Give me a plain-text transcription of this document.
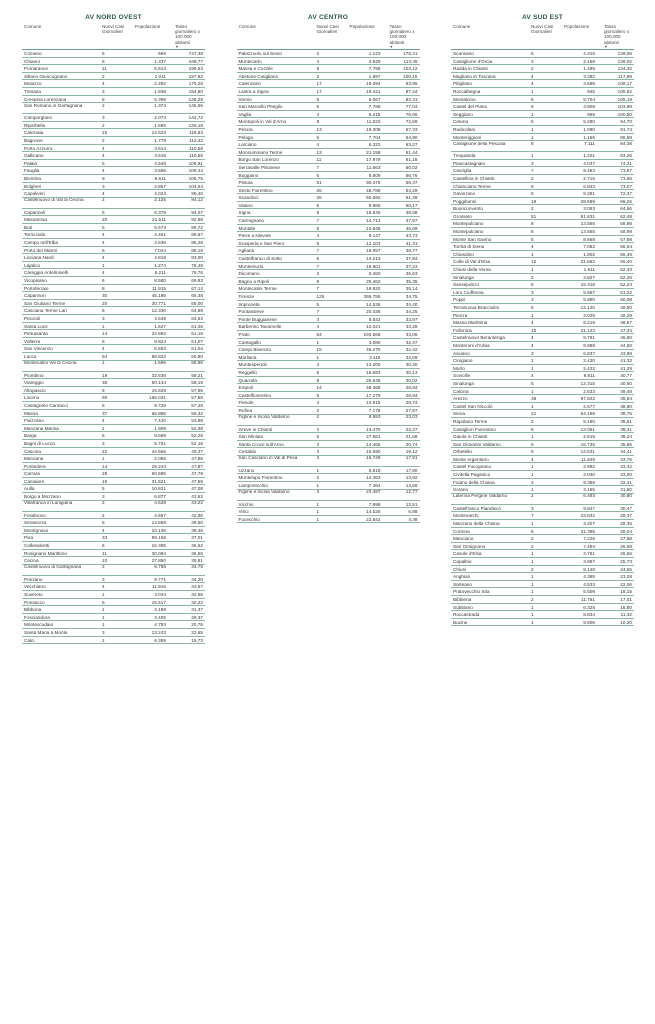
AV NORD OVEST
Comune	Nuovi Casi Giornalieri
Popolazione	Tasso giornaliero x 100.000 abitanti
▼
Comano	5	669	747,38
Chianni	6	1.337	448,77
Pomarance	11	5.513	199,53
Sillano Giuncugnano	2	1.011	197,82
Mulazzo	4	2.282	175,28
Tresana	3	1.938	154,80
Crespina Lorenzana	8	5.395	148,29
San Romano in Garfagnana	2	1.374	145,56
Camporgiano	3	2.073	144,72
Riparbella	2	1.585	126,18
Calcinaia	15	12.623	118,83
Bagnone	2	1.779	112,42
Porto Azzurro	4	3.614	110,68
Gallicano	4	3.615	110,65
Palaia	5	4.549	109,91
Fauglia	4	3.655	109,44
Bientina	9	8.511	105,75
Bolgheri	3	2.867	104,64
Capoliveri	4	4.024	99,40
Castelnuovo di Val di Cecina	2	2.125	94,12
Capannoli	6	6.378	94,07
Massarosa	20	21.511	92,98
Buti	5	5.573	89,72
Terricciola	4	4.461	89,67
Campo nell'Elba	4	4.636	86,28
Porto dei Marmi	6	7.044	85,18
Licciana Nardi	4	4.819	83,00
Lajatico	1	1.274	78,49
Careggia Antelminelli	4	5.211	76,76
Vicopisano	6	8.580	69,93
Portoferraio	8	11.915	67,14
Capannori	30	45.196	66,38
San Giuliano Terme	20	30.771	65,00
Casciana Terme Lari	8	12.330	64,88
Peccioli	3	4.649	64,53
Santa Luce	1	1.627	61,46
Pietrasanta	14	22.892	61,16
Volterra	6	9.824	61,07
San Vincenzo	4	6.553	61,04
Lucca	54	88.822	60,80
Montecatini Val di Cecina	1	1.696	58,96
Piombino	19	32.638	58,21
Viareggio	35	60.144	58,19
Altopascio	9	15.529	57,96
Livorno	90	156.031	57,68
Castagneto Carducci	5	8.729	57,28
Massa	37	66.886	55,32
Fivizzano	4	7.410	53,98
Marciana Marina	1	1.909	52,38
Barga	5	9.569	52,25
Bagni di Lucca	3	5.751	52,16
Cascina	22	44.565	49,37
Marciana	1	2.085	47,96
Pontedera	14	29.243	47,87
Carrara	29	60.685	47,79
Camaiore	15	31.521	47,59
Aulla	5	10.621	47,08
Borgo a Mozzano	3	6.877	43,62
Villafranca in Lunigiana	2	4.628	43,22
Fosdinovo	2	4.657	42,95
Seravezza	5	12.658	39,50
Montignoso	4	10.136	39,46
Pisa	33	89.158	37,01
Collesalvetti	6	16.385	36,62
Rosignano Marittimo	11	30.084	36,56
Cecina	10	27.850	35,91
Castelnuovo di Garfagnana	2	5.756	34,75
Ponzano	3	8.771	34,20
Vecchiano	4	11.916	33,57
Suvereto	1	3.034	32,96
Ponsacco	5	15.517	32,22
Bibbona	1	3.188	31,37
Fosciandora	1	3.405	29,37
Montescudaio	1	4.793	20,76
Santa Maria a Monte	3	13.243	22,65
Calci	1	6.359	15,73
AV CENTRO
Comune	Nuovi Casi Giornalieri
Popolazione	Tasso giornaliero x 100.000 abitanti
▼
Palazzuolo sul Senio	2	1.123	178,41
Montecarlo	4	3.529	113,35
Massa e Cozzile	8	7.758	103,12
Abetone Cutigliano	2	1.997	100,15
Calenzano	17	18.094	93,95
Lastra a Signa	17	19.441	87,44
Vernio	5	6.067	82,41
San Marcello Piteglio	6	7.788	77,04
Vaglia	4	5.218	76,66
Montopoli in Val d'Arno	8	11.022	72,58
Pescia	13	19.308	67,33
Pelago	5	7.704	64,90
Larciano	4	6.322	63,27
Monsummano Terme	13	21.158	61,44
Borgo San Lorenzo	11	17.979	61,18
Serravalle Pistoiese	7	11.663	60,02
Buggiano	5	8.809	56,76
Pistoia	51	90.475	56,37
Sesto Fiorentino	26	48.788	53,29
Scandicci	26	50.592	51,39
Vaiano	5	9.966	50,17
Signa	9	18.526	48,58
Carmignano	7	14.714	47,57
Montale	5	10.848	46,09
Pieve a Nievole	4	9.147	43,73
Scarperia e San Piero	5	12.103	41,31
Agliana	7	18.057	38,77
Castelfranco di Sotto	5	13.213	37,84
Montemurlo	7	18.801	37,23
Dicomano	2	5.460	36,63
Bagno a Ripoli	9	25.462	35,35
Montecatini Terme	7	19.920	35,14
Firenze	125	359.755	34,75
Impruneta	5	14.536	34,40
Pontassieve	7	20.436	34,25
Ponte Buggianese	3	8.832	33,97
Barberino Tavarnelle	4	12.021	33,28
Prato	64	193.568	33,06
Cantagallo	1	3.080	32,47
Campi Bisenzio	15	46.270	32,42
Marliana	1	3.116	32,09
Montespertoli	4	13.200	30,30
Reggello	5	16.593	30,13
Quarrata	8	26.648	30,02
Empoli	14	48.368	28,94
Castelfiorentino	5	17.279	28,94
Fiesole	4	13.918	28,74
Rufina	2	7.178	27,87
Figline e Incisa Valdarno	2	8.683	23,03
Greve in Chianti	3	13.470	22,27
San Miniato	6	27.681	21,68
Santa Croce sull'Arno	3	14.465	20,74
Certaldo	3	15.690	19,12
San Casciano in Val di Pesa	3	16.749	17,91
Uzzano	1	5.618	17,80
Montelupo Fiorentino	2	14.363	13,92
Lamporecchio	1	7.364	13,58
Figline e Incisa Valdarno	3	23.497	12,77
Vicchio	1	7.999	12,51
Vinci	1	14.525	6,88
Fucecchio	1	22.842	4,38
AV SUD EST
Comune	Nuovi Casi Giornalieri
Popolazione	Tasso giornaliero x 100.000 abitanti
▼
Scansano	6	4.315	139,05
Castiglione d'Orcia	3	2.158	139,02
Radda in Chianti	2	1.489	134,32
Magliano in Toscana	4	3.392	117,89
Pitigliano	4	3.698	108,17
Roccalbegna	1	945	105,82
Montalcino	6	5.704	105,19
Castel del Piano	5	4.808	103,99
Seggiano	1	955	100,50
Cetona	5	5.280	94,70
Radicofani	1	1.090	91,74
Monteriggioni	1	1.155	86,58
Castiglione della Pescaia	6	7.111	84,38
Trequanda	1	1.201	83,26
Piancastagnaio	3	4.037	74,31
Cavriglia	7	9.463	73,97
Castellina in Chianti	2	2.715	73,66
Chianciano Terme	5	6.843	73,07
Gavorrano	6	8.291	72,37
Poggibonsi	19	28.689	66,25
Buonconvento	2	3.093	64,66
Grosseto	51	81.631	62,48
Montepulciano	8	13.565	58,98
Montepulciano	8	13.565	58,98
Monte San Savino	5	8.668	57,68
Torrita di Siena	4	7.062	56,64
Chiusdino	1	1.802	55,49
Colle di Val d'Elsa	12	21.662	55,40
Chiusi della Verna	1	1.911	52,33
Sinalunga	2	3.827	52,26
Sansepolcro	8	15.318	52,23
Loro Ciuffenna	3	5.857	51,22
Poppi	3	5.990	50,08
Terranuova Bracciolini	6	12.120	49,50
Pienza	1	2.029	49,29
Massa Marittima	4	8.219	48,67
Follonica	10	21.123	47,34
Castelnuovo Berardenga	4	8.791	45,50
Monteroni d'Arbia	4	8.988	44,50
Asciano	3	6.837	43,88
Cinigiano	1	2.420	41,32
Murlo	1	2.422	41,29
Sovicille	4	9.811	40,77
Sinalunga	5	12.315	40,60
Calcina	1	2.533	39,48
Arezzo	38	97.842	38,84
Castel San Niccolò	1	2.577	38,80
Siena	21	54.195	38,75
Rapolano Terme	2	5.180	38,61
Castiglion Fiorentino	5	13.051	38,31
Gaiole in Chianti	1	2.615	38,24
San Giovanni Valdarno	6	16.735	35,85
Orbetello	5	14.531	34,41
Monte Argentario	4	11.849	33,76
Castel Focognano	1	2.992	33,42
Civitella Paganico	1	3.030	33,00
Foiano della Chiana	3	9.356	32,41
Sorano	1	3.165	31,60
Laterina Pergine Valdarno	2	6.493	30,80
Castelfranco Piandiscò	3	9.847	30,47
Montevarchi	7	23.832	29,37
Marciano della Chiana	1	3.407	29,35
Cortona	6	21.395	28,04
Manciano	2	7.226	27,68
San Gimignano	2	7.494	26,69
Casole d'Elsa	1	3.751	26,66
Capalbio	1	3.887	25,73
Chiusi	2	8.148	24,55
Anghiari	1	4.395	23,28
Sarteano	1	4.533	22,06
Pratovecchio Stia	1	5.509	18,15
Bibbiena	2	11.761	17,01
Subbiano	1	6.328	15,80
Roccastrada	1	8.834	11,32
Bucine	1	9.806	10,20
